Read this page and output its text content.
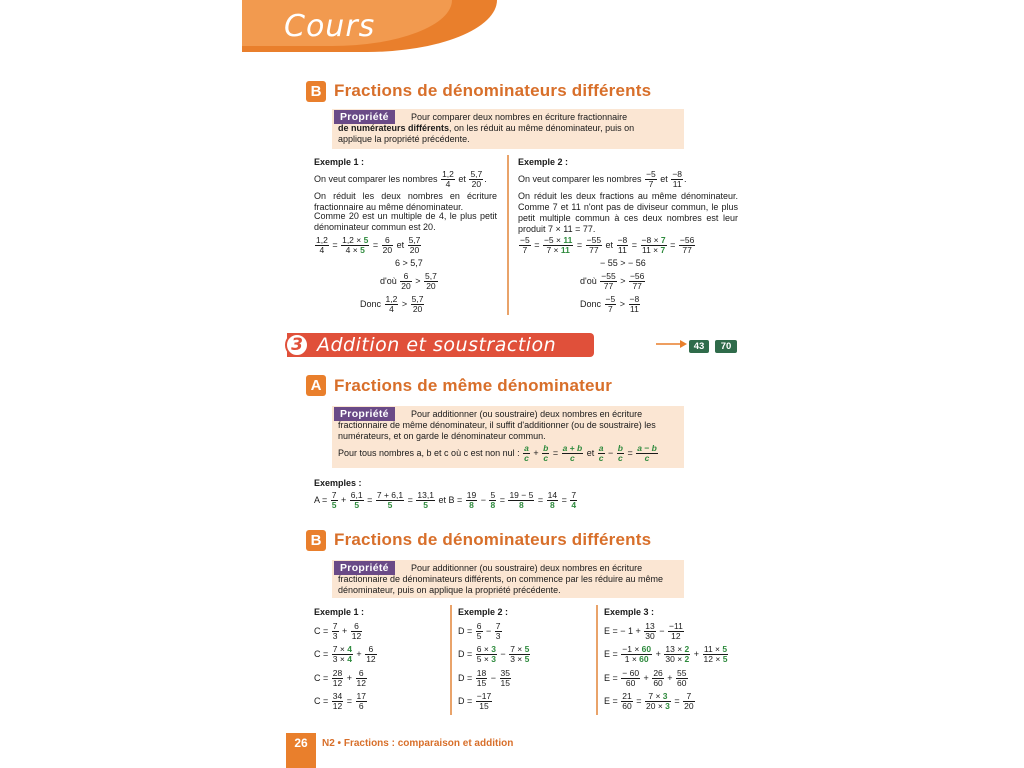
Cours
B Fractions de dénominateurs différents
Propriété	Pour comparer deux nombres en écriture fractionnaire
de numérateurs différents, on les réduit au même dénominateur, puis on
applique la propriété précédente.
Exemple 1 :
On veut comparer les nombres $\frac{1,2}{4}$ et $\frac{5,7}{20}$ .
On réduit les deux nombres en écriture fractionnaire au même dénominateur.
Comme 20 est un multiple de 4, le plus petit dénominateur commun est 20.
$\frac{1,2}{4} = \frac{1,2 \times 5}{4 \times 5} = \frac{6}{20}$ et $\frac{5,7}{20}$
6 > 5,7
d'où $\frac{6}{20} > \frac{5,7}{20}$
Donc $\frac{1,2}{4} > \frac{5,7}{20}$
Exemple 2 :
On veut comparer les nombres $\frac{-5}{7}$ et $\frac{-8}{11}$ .
On réduit les deux fractions au même dénominateur. Comme 7 et 11 n'ont pas de diviseur commun, le plus petit multiple commun à ces deux nombres est leur produit 7 × 11 = 77.
$\frac{-5}{7} = \frac{-5 \times 11}{7 \times 11} = \frac{-55}{77}$ et $\frac{-8}{11} = \frac{-8 \times 7}{11 \times 7} = \frac{-56}{77}$
− 55 > − 56
d'où $\frac{-55}{77} > \frac{-56}{77}$
Donc $\frac{-5}{7} > \frac{-8}{11}$
3 Addition et soustraction	43	70
A Fractions de même dénominateur
Propriété	Pour additionner (ou soustraire) deux nombres en écriture fractionnaire de même dénominateur, il suffit d'additionner (ou de soustraire) les numérateurs, et on garde le dénominateur commun.
Pour tous nombres a, b et c où c est non nul : $\frac{a}{c} + \frac{b}{c} = \frac{a + b}{c}$ et $\frac{a}{c} - \frac{b}{c} = \frac{a - b}{c}$
Exemples :
$A = \frac{7}{5} + \frac{6,1}{5} = \frac{7 + 6,1}{5} = \frac{13,1}{5}$ et $B = \frac{19}{8} - \frac{5}{8} = \frac{19 - 5}{8} = \frac{14}{8} = \frac{7}{4}$
B Fractions de dénominateurs différents
Propriété	Pour additionner (ou soustraire) deux nombres en écriture fractionnaire de dénominateurs différents, on commence par les réduire au même dénominateur, puis on applique la propriété précédente.
Exemple 1 :
$C = \frac{7}{3} + \frac{6}{12}$
$C = \frac{7 \times 4}{3 \times 4} + \frac{6}{12}$
$C = \frac{28}{12} + \frac{6}{12}$
$C = \frac{34}{12} = \frac{17}{6}$
Exemple 2 :
$D = \frac{6}{5} - \frac{7}{3}$
$D = \frac{6 \times 3}{5 \times 3} - \frac{7 \times 5}{3 \times 5}$
$D = \frac{18}{15} - \frac{35}{15}$
$D = \frac{-17}{15}$
Exemple 3 :
E = − $1 + \frac{13}{30} - \frac{-11}{12}$
$E = \frac{-1 \times 60}{1 \times 60} + \frac{13 \times 2}{30 \times 2} + \frac{11 \times 5}{12 \times 5}$
$E = \frac{- 60}{60} + \frac{26}{60} + \frac{55}{60}$
$E = \frac{21}{60} = \frac{7 \times 3}{20 \times 3} = \frac{7}{20}$
26	N2 • Fractions : comparaison et addition
